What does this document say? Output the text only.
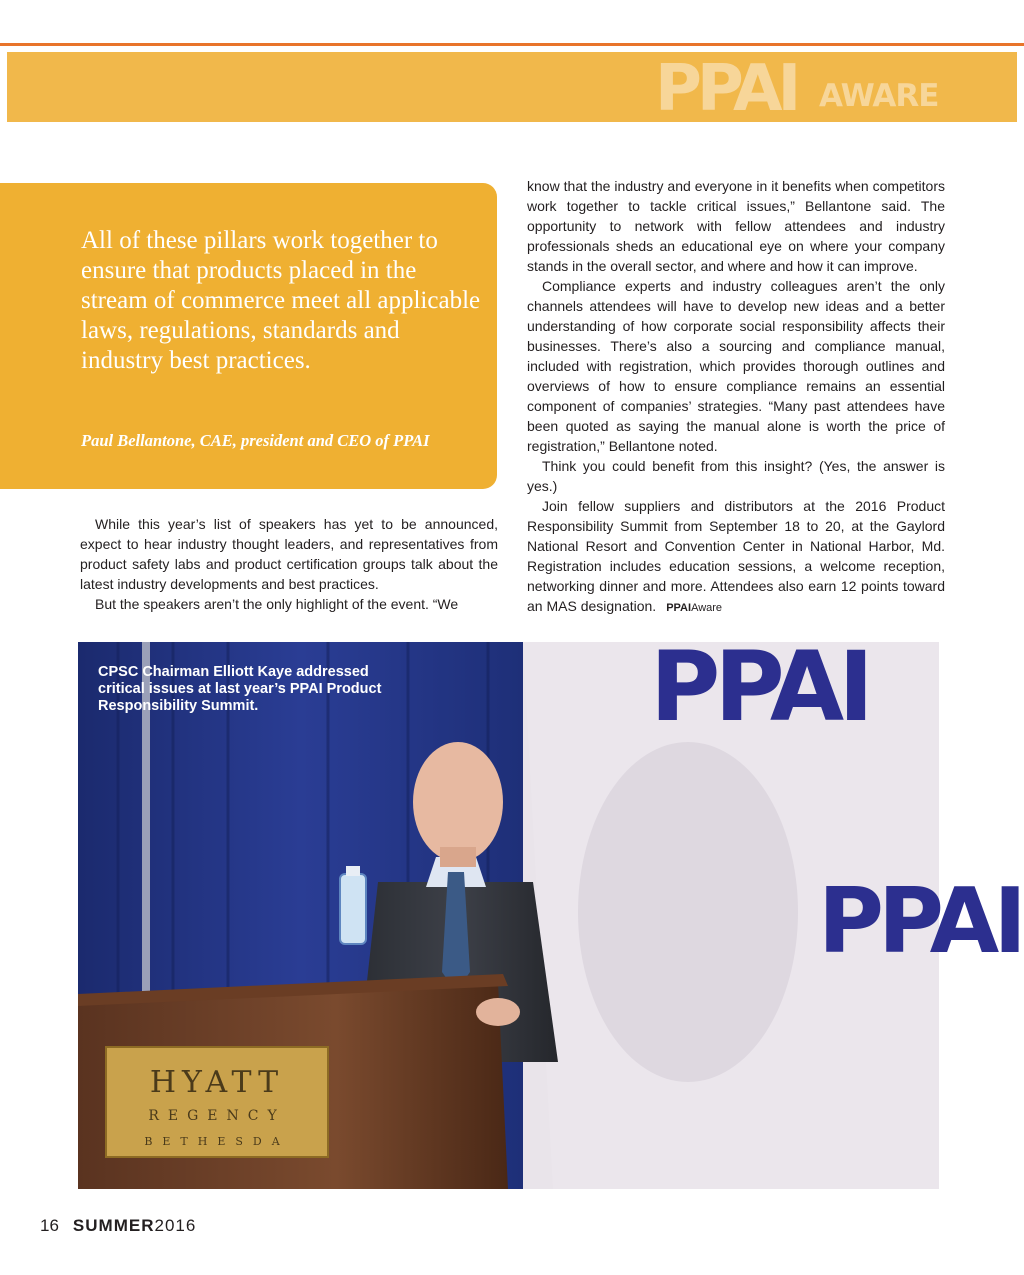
PPAI AWARE
All of these pillars work together to ensure that products placed in the stream of commerce meet all applicable laws, regulations, standards and industry best practices.
Paul Bellantone, CAE, president and CEO of PPAI

While this year’s list of speakers has yet to be announced, expect to hear industry thought leaders, and representatives from product safety labs and product certification groups talk about the latest industry developments and best practices.

But the speakers aren’t the only highlight of the event. “We

know that the industry and everyone in it benefits when competitors work together to tackle critical issues,” Bellantone said. The opportunity to network with fellow attendees and industry professionals sheds an educational eye on where your company stands in the overall sector, and where and how it can improve.

Compliance experts and industry colleagues aren’t the only channels attendees will have to develop new ideas and a better understanding of how corporate social responsibility affects their businesses. There’s also a sourcing and compliance manual, included with registration, which provides thorough outlines and overviews of how to ensure compliance remains an essential component of companies’ strategies. “Many past attendees have been quoted as saying the manual alone is worth the price of registration,” Bellantone noted.

Think you could benefit from this insight? (Yes, the answer is yes.)

Join fellow suppliers and distributors at the 2016 Product Responsibility Summit from September 18 to 20, at the Gaylord National Resort and Convention Center in National Harbor, Md. Registration includes education sessions, a welcome reception, networking dinner and more. Attendees also earn 12 points toward an MAS designation. PPAIAware

PPAI
PPAI
HYATT
REGENCY
BETHESDA
CPSC Chairman Elliott Kaye addressed critical issues at last year’s PPAI Product Responsibility Summit.
16 SUMMER2016
